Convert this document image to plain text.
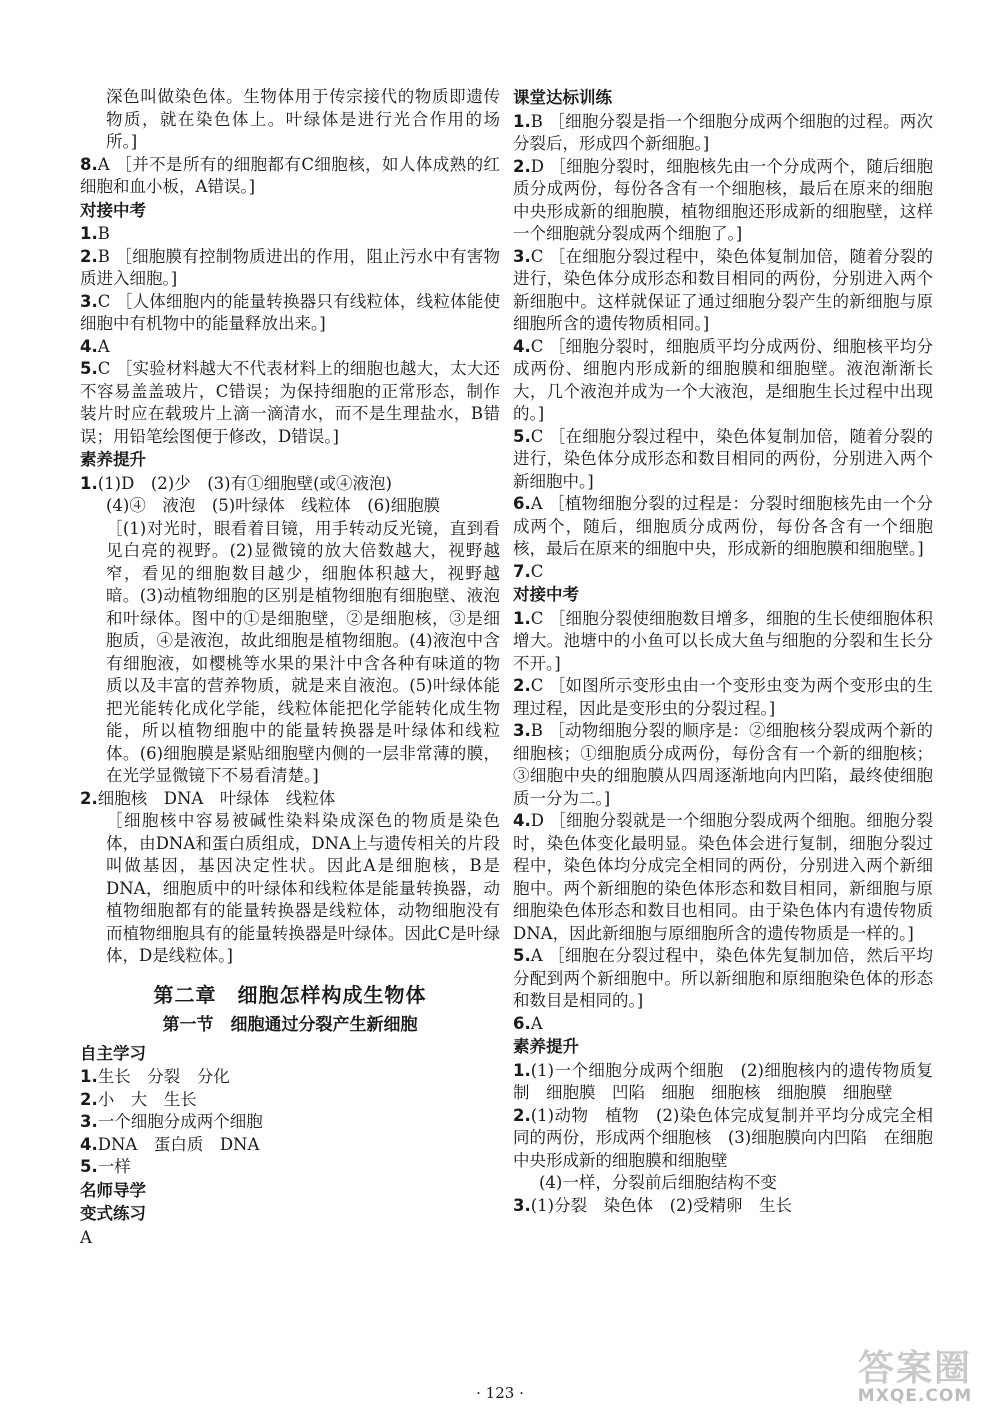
深色叫做染色体。生物体用于传宗接代的物质即遗传物质，就在染色体上。叶绿体是进行光合作用的场所。]

8.A ［并不是所有的细胞都有C细胞核，如人体成熟的红细胞和血小板，A错误。]

对接中考

1.B

2.B ［细胞膜有控制物质进出的作用，阻止污水中有害物质进入细胞。]

3.C ［人体细胞内的能量转换器只有线粒体，线粒体能使细胞中有机物中的能量释放出来。]

4.A

5.C ［实验材料越大不代表材料上的细胞也越大，太大还不容易盖盖玻片，C错误；为保持细胞的正常形态，制作装片时应在载玻片上滴一滴清水，而不是生理盐水，B错误；用铅笔绘图便于修改，D错误。]

素养提升

1.(1)D　(2)少　(3)有①细胞壁(或④液泡)

(4)④　液泡　(5)叶绿体　线粒体　(6)细胞膜

［(1)对光时，眼看着目镜，用手转动反光镜，直到看见白亮的视野。(2)显微镜的放大倍数越大，视野越窄，看见的细胞数目越少，细胞体积越大，视野越暗。(3)动植物细胞的区别是植物细胞有细胞壁、液泡和叶绿体。图中的①是细胞壁，②是细胞核，③是细胞质，④是液泡，故此细胞是植物细胞。(4)液泡中含有细胞液，如樱桃等水果的果汁中含各种有味道的物质以及丰富的营养物质，就是来自液泡。(5)叶绿体能把光能转化成化学能，线粒体能把化学能转化成生物能，所以植物细胞中的能量转换器是叶绿体和线粒体。(6)细胞膜是紧贴细胞壁内侧的一层非常薄的膜，在光学显微镜下不易看清楚。]

2.细胞核　DNA　叶绿体　线粒体

［细胞核中容易被碱性染料染成深色的物质是染色体，由DNA和蛋白质组成，DNA上与遗传相关的片段叫做基因，基因决定性状。因此A是细胞核，B是DNA，细胞质中的叶绿体和线粒体是能量转换器，动植物细胞都有的能量转换器是线粒体，动物细胞没有而植物细胞具有的能量转换器是叶绿体。因此C是叶绿体，D是线粒体。]

第二章　细胞怎样构成生物体
第一节　细胞通过分裂产生新细胞
自主学习

1.生长　分裂　分化

2.小　大　生长

3.一个细胞分成两个细胞

4.DNA　蛋白质　DNA

5.一样

名师导学
变式练习

A

课堂达标训练

1.B ［细胞分裂是指一个细胞分成两个细胞的过程。两次分裂后，形成四个新细胞。]

2.D ［细胞分裂时，细胞核先由一个分成两个，随后细胞质分成两份，每份各含有一个细胞核，最后在原来的细胞中央形成新的细胞膜，植物细胞还形成新的细胞壁，这样一个细胞就分裂成两个细胞了。]

3.C ［在细胞分裂过程中，染色体复制加倍，随着分裂的进行，染色体分成形态和数目相同的两份，分别进入两个新细胞中。这样就保证了通过细胞分裂产生的新细胞与原细胞所含的遗传物质相同。]

4.C ［细胞分裂时，细胞质平均分成两份、细胞核平均分成两份、细胞内形成新的细胞膜和细胞壁。液泡渐渐长大，几个液泡并成为一个大液泡，是细胞生长过程中出现的。]

5.C ［在细胞分裂过程中，染色体复制加倍，随着分裂的进行，染色体分成形态和数目相同的两份，分别进入两个新细胞中。]

6.A ［植物细胞分裂的过程是：分裂时细胞核先由一个分成两个，随后，细胞质分成两份，每份各含有一个细胞核，最后在原来的细胞中央，形成新的细胞膜和细胞壁。]

7.C

对接中考

1.C ［细胞分裂使细胞数目增多，细胞的生长使细胞体积增大。池塘中的小鱼可以长成大鱼与细胞的分裂和生长分不开。]

2.C ［如图所示变形虫由一个变形虫变为两个变形虫的生理过程，因此是变形虫的分裂过程。]

3.B ［动物细胞分裂的顺序是：②细胞核分裂成两个新的细胞核；①细胞质分成两份，每份含有一个新的细胞核；③细胞中央的细胞膜从四周逐渐地向内凹陷，最终使细胞质一分为二。]

4.D ［细胞分裂就是一个细胞分裂成两个细胞。细胞分裂时，染色体变化最明显。染色体会进行复制，细胞分裂过程中，染色体均分成完全相同的两份，分别进入两个新细胞中。两个新细胞的染色体形态和数目相同，新细胞与原细胞染色体形态和数目也相同。由于染色体内有遗传物质DNA，因此新细胞与原细胞所含的遗传物质是一样的。]

5.A ［细胞在分裂过程中，染色体先复制加倍，然后平均分配到两个新细胞中。所以新细胞和原细胞染色体的形态和数目是相同的。]

6.A

素养提升

1.(1)一个细胞分成两个细胞　(2)细胞核内的遗传物质复制　细胞膜　凹陷　细胞　细胞核　细胞膜　细胞壁

2.(1)动物　植物　(2)染色体完成复制并平均分成完全相同的两份，形成两个细胞核　(3)细胞膜向内凹陷　在细胞中央形成新的细胞膜和细胞壁

(4)一样，分裂前后细胞结构不变

3.(1)分裂　染色体　(2)受精卵　生长

· 123 ·
答案圈
MXQE.COM
